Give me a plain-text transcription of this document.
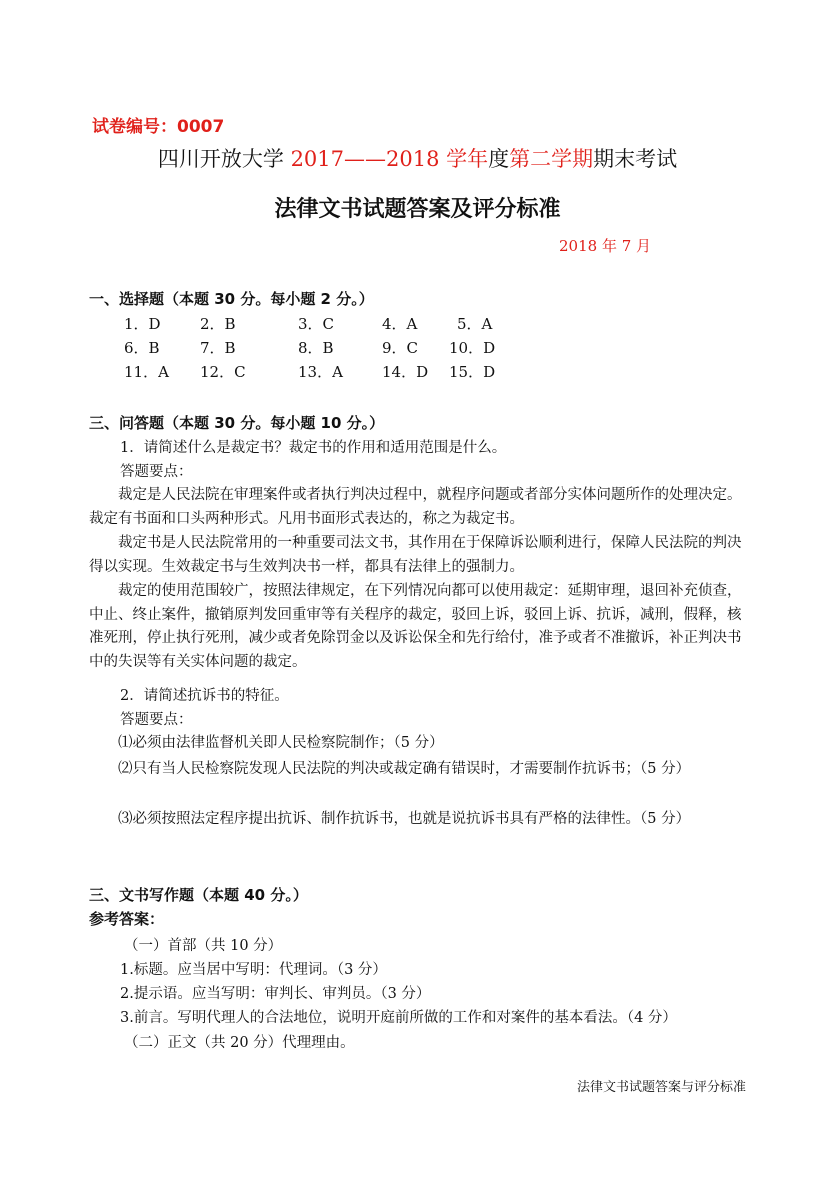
试卷编号：0007
四川开放大学 2017——2018 学年度第二学期期末考试
法律文书试题答案及评分标准
2018 年 7 月
一、选择题（本题 30 分。每小题 2 分。）
1．D	2．B	3．C	4．A	5．A
6．B	7．B	8．B	9．C 10．D
11．A 12．C	13．A	14．D 15．D
三、问答题（本题 30 分。每小题 10 分。）
1．请简述什么是裁定书？裁定书的作用和适用范围是什么。
答题要点：
裁定是人民法院在审理案件或者执行判决过程中，就程序问题或者部分实体问题所作的处理决定。裁定有书面和口头两种形式。凡用书面形式表达的，称之为裁定书。
裁定书是人民法院常用的一种重要司法文书，其作用在于保障诉讼顺利进行，保障人民法院的判决得以实现。生效裁定书与生效判决书一样，都具有法律上的强制力。
裁定的使用范围较广，按照法律规定，在下列情况向都可以使用裁定：延期审理，退回补充侦查，中止、终止案件，撤销原判发回重审等有关程序的裁定，驳回上诉，驳回上诉、抗诉，减刑，假释，核准死刑，停止执行死刑，减少或者免除罚金以及诉讼保全和先行给付，准予或者不准撤诉，补正判决书中的失误等有关实体问题的裁定。
2．请简述抗诉书的特征。
答题要点：
⑴必须由法律监督机关即人民检察院制作；（5 分）
⑵只有当人民检察院发现人民法院的判决或裁定确有错误时，才需要制作抗诉书；（5 分）
⑶必须按照法定程序提出抗诉、制作抗诉书，也就是说抗诉书具有严格的法律性。（5 分）
三、文书写作题（本题 40 分。）
参考答案：
（一）首部（共 10 分）
1.标题。应当居中写明：代理词。（3 分）
2.提示语。应当写明：审判长、审判员。（3 分）
3.前言。写明代理人的合法地位，说明开庭前所做的工作和对案件的基本看法。（4 分）
（二）正文（共 20 分）代理理由。
法律文书试题答案与评分标准
